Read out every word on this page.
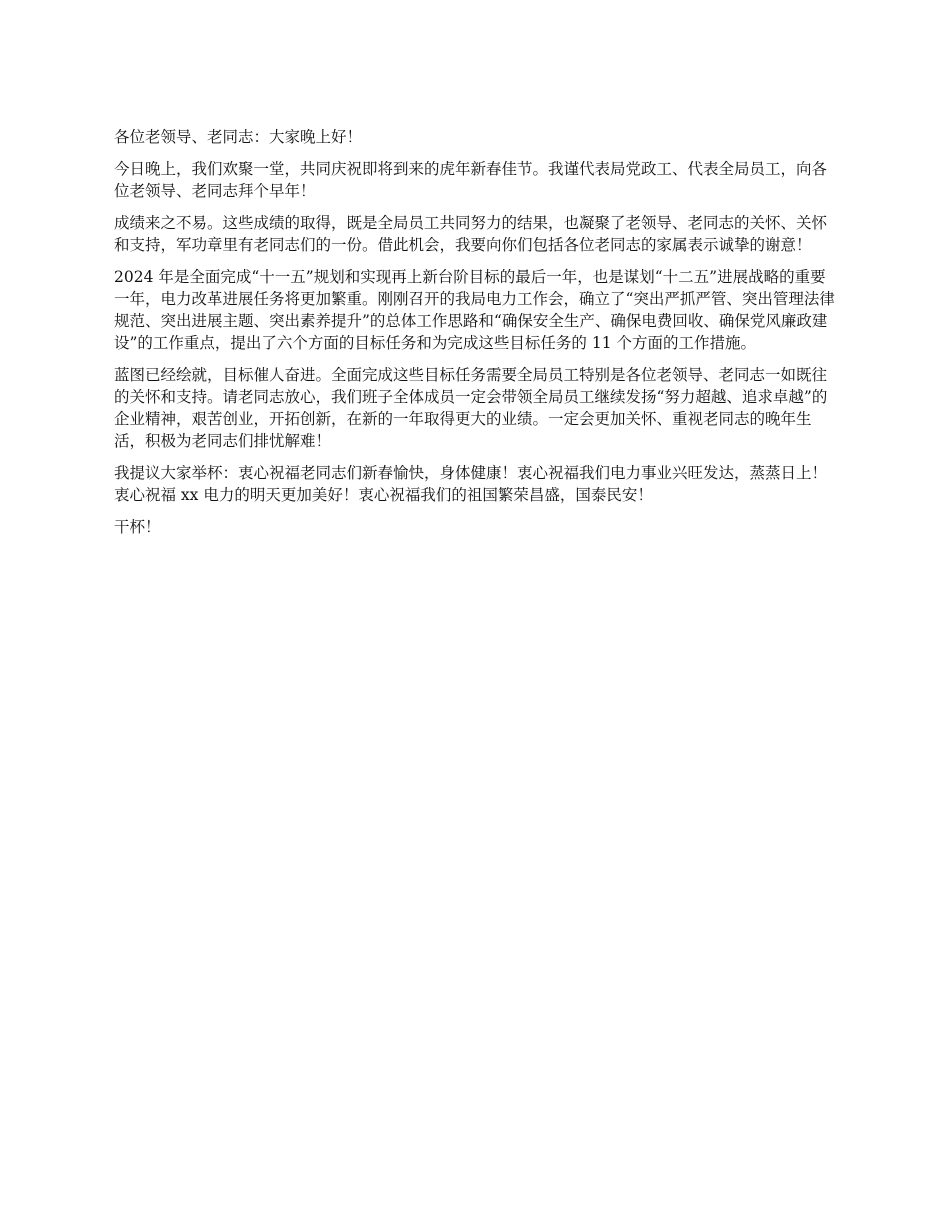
各位老领导、老同志：大家晚上好！

今日晚上，我们欢聚一堂，共同庆祝即将到来的虎年新春佳节。我谨代表局党政工、代表全局员工，向各位老领导、老同志拜个早年！

成绩来之不易。这些成绩的取得，既是全局员工共同努力的结果，也凝聚了老领导、老同志的关怀、关怀和支持，军功章里有老同志们的一份。借此机会，我要向你们包括各位老同志的家属表示诚挚的谢意！

2024 年是全面完成“十一五”规划和实现再上新台阶目标的最后一年，也是谋划“十二五”进展战略的重要一年，电力改革进展任务将更加繁重。刚刚召开的我局电力工作会，确立了“突出严抓严管、突出管理法律规范、突出进展主题、突出素养提升”的总体工作思路和“确保安全生产、确保电费回收、确保党风廉政建设”的工作重点，提出了六个方面的目标任务和为完成这些目标任务的 11 个方面的工作措施。

蓝图已经绘就，目标催人奋进。全面完成这些目标任务需要全局员工特别是各位老领导、老同志一如既往的关怀和支持。请老同志放心，我们班子全体成员一定会带领全局员工继续发扬“努力超越、追求卓越”的企业精神，艰苦创业，开拓创新，在新的一年取得更大的业绩。一定会更加关怀、重视老同志的晚年生活，积极为老同志们排忧解难！

我提议大家举杯：衷心祝福老同志们新春愉快，身体健康！衷心祝福我们电力事业兴旺发达，蒸蒸日上！衷心祝福 xx 电力的明天更加美好！衷心祝福我们的祖国繁荣昌盛，国泰民安！

干杯！
